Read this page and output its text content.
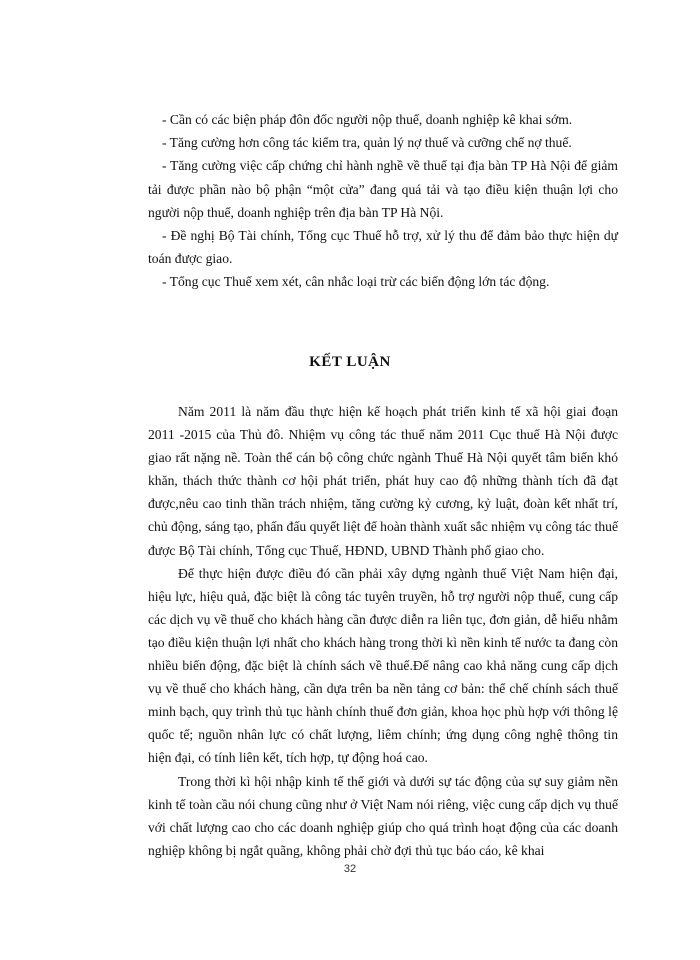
- Cần có các biện pháp đôn đốc người nộp thuế, doanh nghiệp kê khai sớm.

- Tăng cường hơn công tác kiểm tra, quản lý nợ thuế và cưỡng chế nợ thuế.

- Tăng cường việc cấp chứng chỉ hành nghề về thuế tại địa bàn TP Hà Nội để giảm tải được phần nào bộ phận “một cửa” đang quá tải và tạo điều kiện thuận lợi cho người nộp thuế, doanh nghiệp trên địa bàn TP Hà Nội.

- Đề nghị Bộ Tài chính, Tổng cục Thuế hỗ trợ, xử lý thu để đảm bảo thực hiện dự toán được giao.

- Tổng cục Thuế xem xét, cân nhắc loại trừ các biến động lớn tác động.

KẾT LUẬN

Năm 2011 là năm đầu thực hiện kế hoạch phát triển kinh tế xã hội giai đoạn 2011 -2015 của Thủ đô. Nhiệm vụ công tác thuế năm 2011 Cục thuế Hà Nội được giao rất nặng nề. Toàn thể cán bộ công chức ngành Thuế Hà Nội quyết tâm biến khó khăn, thách thức thành cơ hội phát triển, phát huy cao độ những thành tích đã đạt được,nêu cao tinh thần trách nhiệm, tăng cường kỷ cương, kỷ luật, đoàn kết nhất trí, chủ động, sáng tạo, phấn đấu quyết liệt để hoàn thành xuất sắc nhiệm vụ công tác thuế được Bộ Tài chính, Tổng cục Thuế, HĐND, UBND Thành phố giao cho.

Để thực hiện được điều đó cần phải xây dựng ngành thuế Việt Nam hiện đại, hiệu lực, hiệu quả, đặc biệt là công tác tuyên truyền, hỗ trợ người nộp thuế, cung cấp các dịch vụ về thuế cho khách hàng cần được diễn ra liên tục, đơn giản, dễ hiểu nhằm tạo điều kiện thuận lợi nhất cho khách hàng trong thời kì nền kinh tế nước ta đang còn nhiều biến động, đặc biệt là chính sách về thuế.Để nâng cao khả năng cung cấp dịch vụ về thuế cho khách hàng, cần dựa trên ba nền tảng cơ bản: thể chế chính sách thuế minh bạch, quy trình thủ tục hành chính thuế đơn giản, khoa học phù hợp với thông lệ quốc tế; nguồn nhân lực có chất lượng, liêm chính; ứng dụng công nghệ thông tin hiện đại, có tính liên kết, tích hợp, tự động hoá cao.

Trong thời kì hội nhập kinh tế thế giới và dưới sự tác động của sự suy giảm nền kinh tế toàn cầu nói chung cũng như ở Việt Nam nói riêng, việc cung cấp dịch vụ thuế với chất lượng cao cho các doanh nghiệp giúp cho quá trình hoạt động của các doanh nghiệp không bị ngắt quãng, không phải chờ đợi thủ tục báo cáo, kê khai

32
